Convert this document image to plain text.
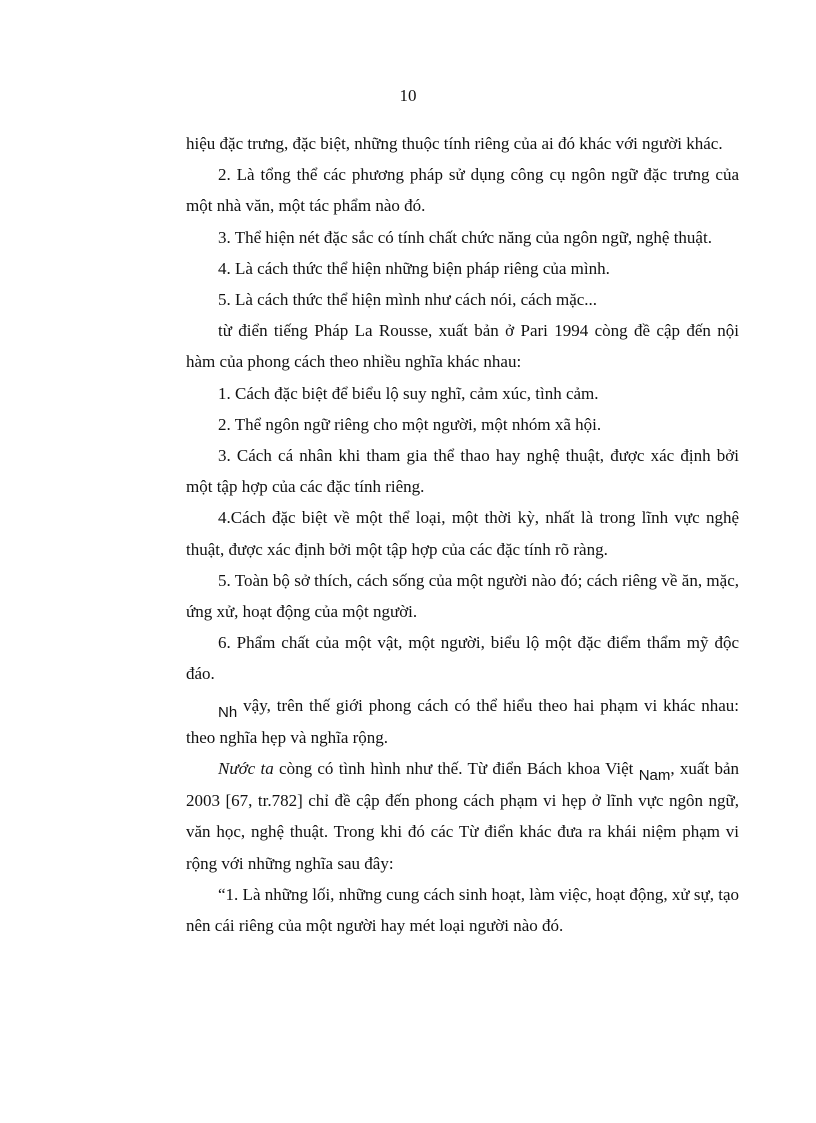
10

hiệu đặc trưng, đặc biệt, những thuộc tính riêng của ai đó khác với người khác.

2. Là tổng thể các phương pháp sử dụng công cụ ngôn ngữ đặc trưng của một nhà văn, một tác phẩm nào đó.

3. Thể hiện nét đặc sắc có tính chất chức năng của ngôn ngữ, nghệ thuật.

4. Là cách thức thể hiện những biện pháp riêng của mình.

5. Là cách thức thể hiện mình như cách nói, cách mặc...

từ điển tiếng Pháp La Rousse, xuất bản ở Pari 1994 còng đề cập đến nội hàm của phong cách theo nhiều nghĩa khác nhau:

1. Cách đặc biệt để biểu lộ suy nghĩ, cảm xúc, tình cảm.

2. Thể ngôn ngữ riêng cho một người, một nhóm xã hội.

3. Cách cá nhân khi tham gia thể thao hay nghệ thuật, được xác định bởi một tập hợp của các đặc tính riêng.

4.Cách đặc biệt về một thể loại, một thời kỳ, nhất là trong lĩnh vực nghệ thuật, được xác định bởi một tập hợp của các đặc tính rõ ràng.

5. Toàn bộ sở thích, cách sống của một người nào đó; cách riêng về ăn, mặc, ứng xử, hoạt động của một người.

6. Phẩm chất của một vật, một người, biểu lộ một đặc điểm thẩm mỹ độc đáo.

Nh vậy, trên thế giới phong cách có thể hiểu theo hai phạm vi khác nhau: theo nghĩa hẹp và nghĩa rộng.

Nước ta còng có tình hình như thế. Từ điển Bách khoa Việt Nam, xuất bản 2003 [67, tr.782] chỉ đề cập đến phong cách phạm vi hẹp ở lĩnh vực ngôn ngữ, văn học, nghệ thuật. Trong khi đó các Từ điển khác đưa ra khái niệm phạm vi rộng với những nghĩa sau đây:

“1. Là những lối, những cung cách sinh hoạt, làm việc, hoạt động, xử sự, tạo nên cái riêng của một người hay mét loại người nào đó.
